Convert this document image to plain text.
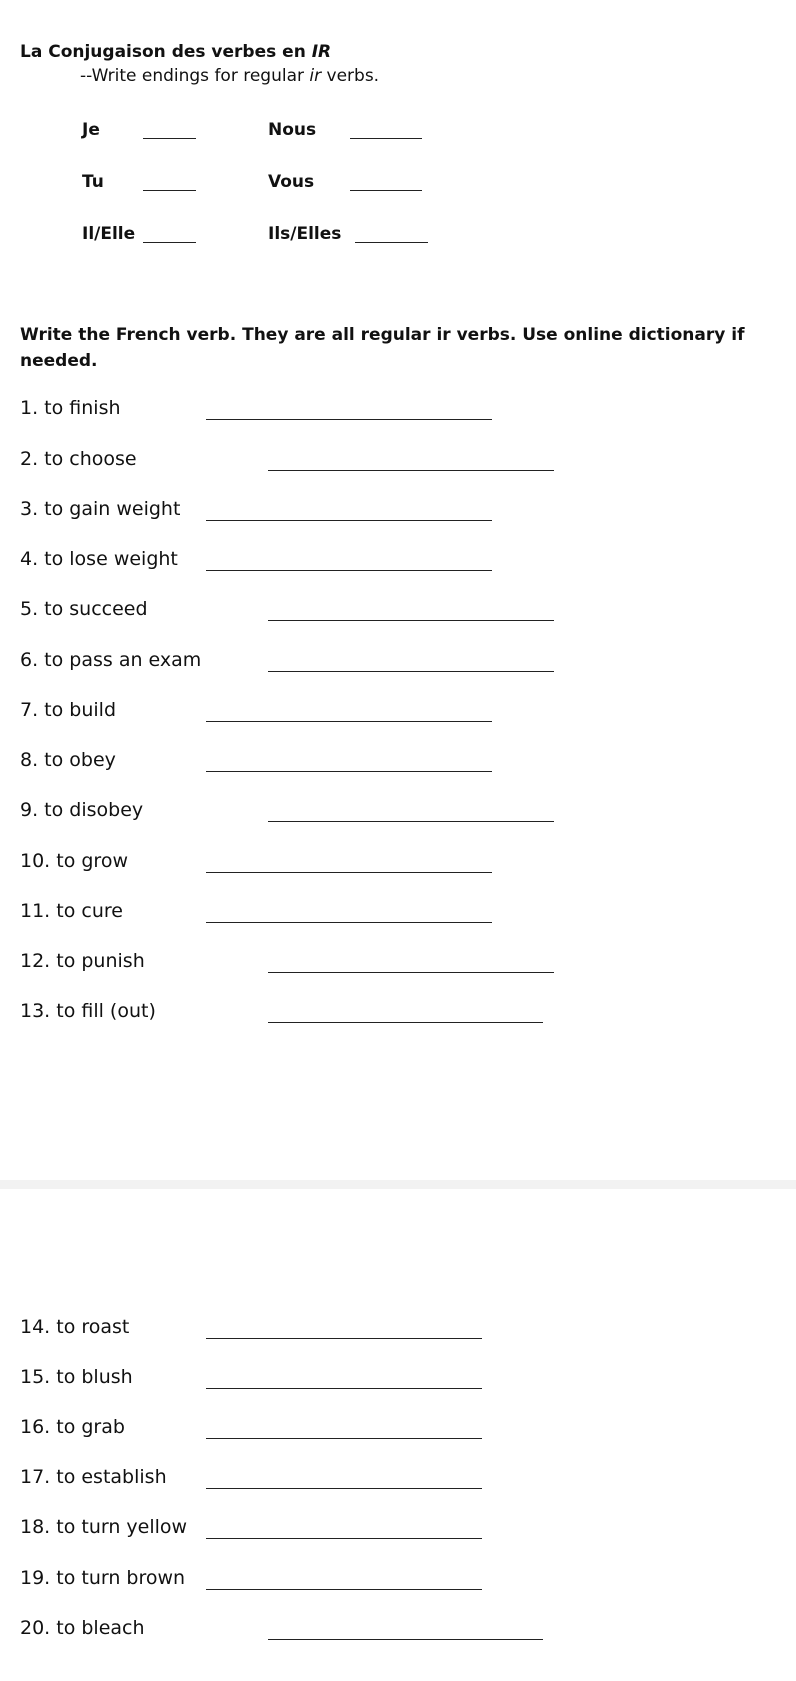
La Conjugaison des verbes en IR
--Write endings for regular ir verbs.
Je	Nous
Tu	Vous
Il/Elle	Ils/Elles
Write the French verb. They are all regular ir verbs. Use online dictionary if needed.
1. to finish
2. to choose
3. to gain weight
4. to lose weight
5. to succeed
6. to pass an exam
7. to build
8. to obey
9. to disobey
10. to grow
11. to cure
12. to punish
13. to fill (out)
14. to roast
15. to blush
16. to grab
17. to establish
18. to turn yellow
19. to turn brown
20. to bleach
